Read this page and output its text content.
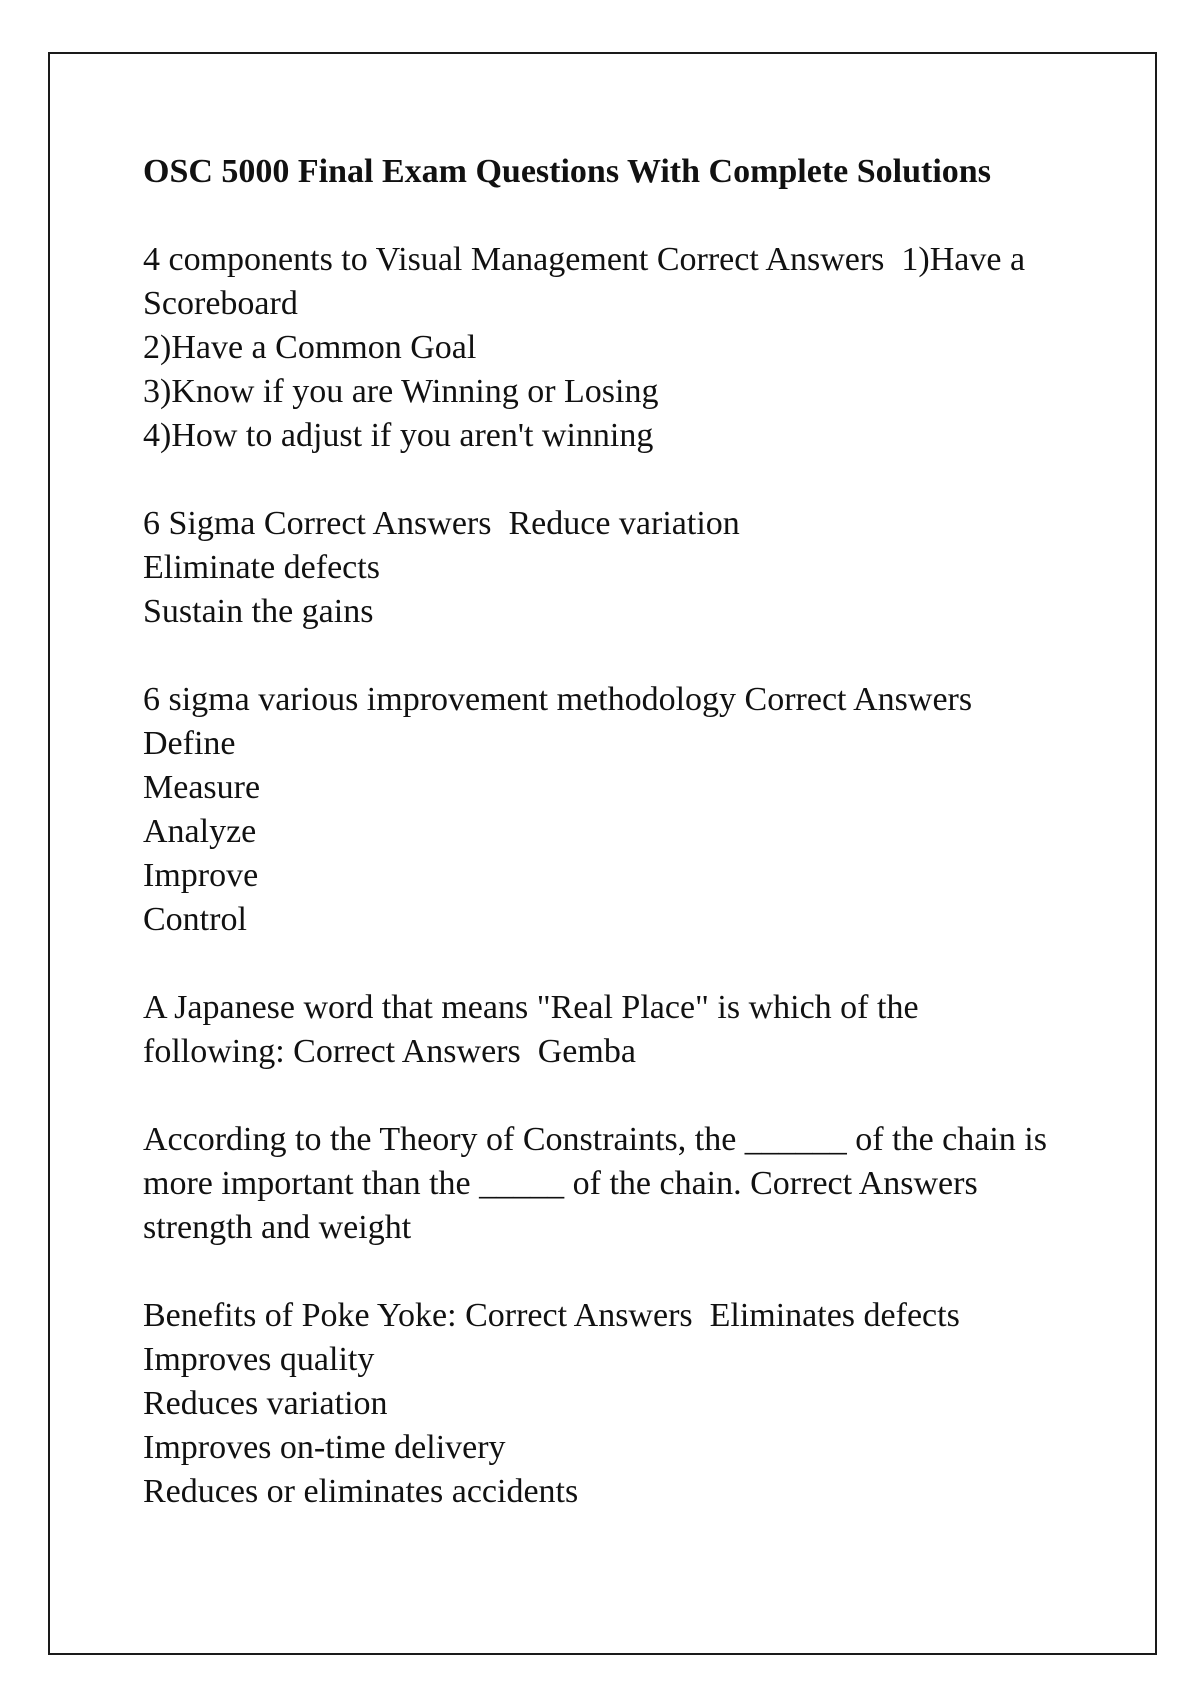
OSC 5000 Final Exam Questions With Complete Solutions
4 components to Visual Management Correct Answers 1)Have a Scoreboard
2)Have a Common Goal
3)Know if you are Winning or Losing
4)How to adjust if you aren't winning
6 Sigma Correct Answers Reduce variation
Eliminate defects
Sustain the gains
6 sigma various improvement methodology Correct Answers
Define
Measure
Analyze
Improve
Control
A Japanese word that means "Real Place" is which of the following: Correct Answers Gemba
According to the Theory of Constraints, the ______ of the chain is more important than the _____ of the chain. Correct Answers
strength and weight
Benefits of Poke Yoke: Correct Answers Eliminates defects
Improves quality
Reduces variation
Improves on-time delivery
Reduces or eliminates accidents
